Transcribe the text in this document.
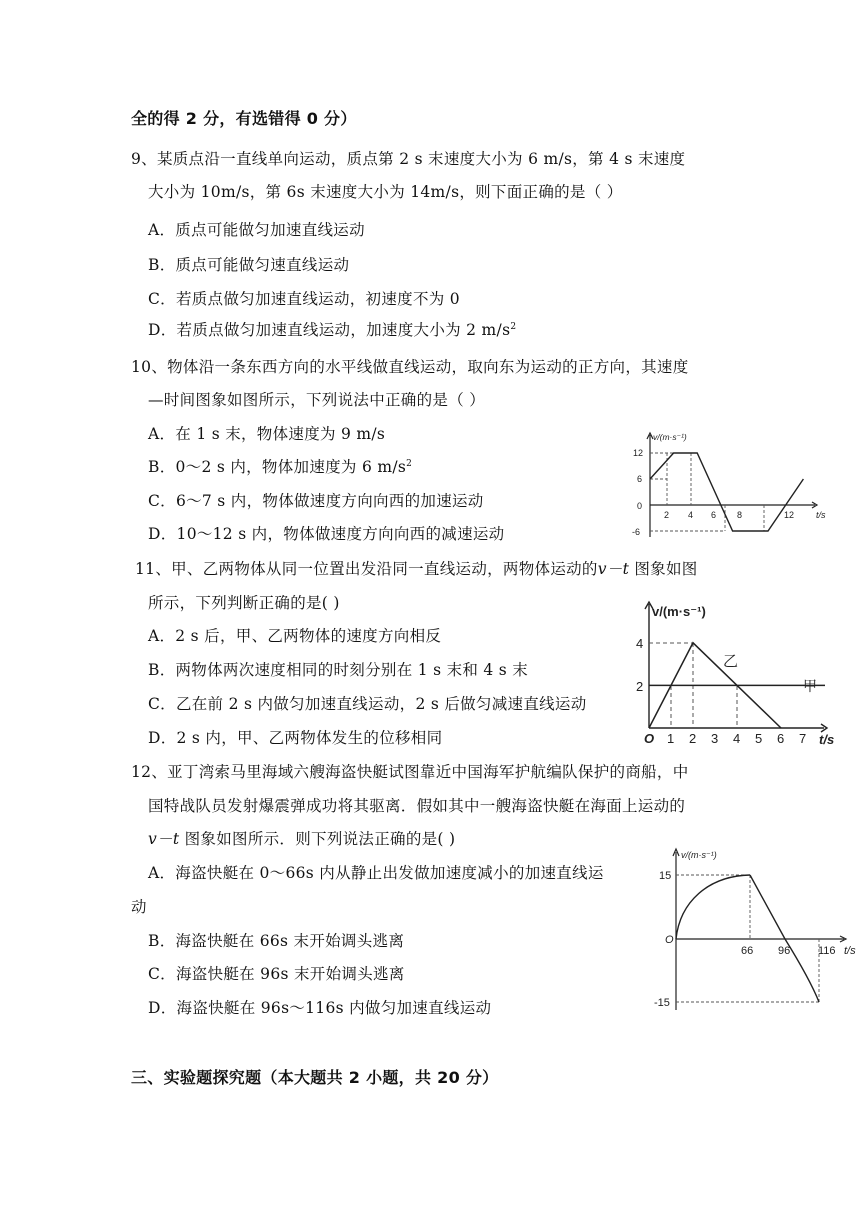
全的得 2 分，有选错得 0 分）
9、某质点沿一直线单向运动，质点第 2 s 末速度大小为 6 m/s，第 4 s 末速度
大小为 10m/s，第 6s 末速度大小为 14m/s，则下面正确的是（ ）
A．质点可能做匀加速直线运动
B．质点可能做匀速直线运动
C．若质点做匀加速直线运动，初速度不为 0
D．若质点做匀加速直线运动，加速度大小为 2 $m/s^2$
10、物体沿一条东西方向的水平线做直线运动，取向东为运动的正方向，其速度
—时间图象如图所示，下列说法中正确的是（ ）
A．在 1 s 末，物体速度为 9 m/s
B．0～2 s 内，物体加速度为 6 $m/s^2$
C．6～7 s 内，物体做速度方向向西的加速运动
D．10～12 s 内，物体做速度方向向西的减速运动
11、甲、乙两物体从同一位置出发沿同一直线运动，两物体运动的v－t 图象如图
所示，下列判断正确的是( )
A．2 s 后，甲、乙两物体的速度方向相反
B．两物体两次速度相同的时刻分别在 1 s 末和 4 s 末
C．乙在前 2 s 内做匀加速直线运动，2 s 后做匀减速直线运动
D．2 s 内，甲、乙两物体发生的位移相同
12、亚丁湾索马里海域六艘海盗快艇试图靠近中国海军护航编队保护的商船，中
国特战队员发射爆震弹成功将其驱离．假如其中一艘海盗快艇在海面上运动的
v－t 图象如图所示．则下列说法正确的是( )
A．海盗快艇在 0～66s 内从静止出发做加速度减小的加速直线运
动
B．海盗快艇在 66s 末开始调头逃离
C．海盗快艇在 96s 末开始调头逃离
D．海盗快艇在 96s～116s 内做匀加速直线运动
三、实验题探究题（本大题共 2 小题，共 20 分）
v/(m·s⁻¹)
t/s
12
6
0
-6
2 4 6 8	12
v/(m·s⁻¹)
t/s
4
2
O 1 2 3 4 5 6 7
乙
甲
v/(m·s⁻¹)
t/s
15
-15
O
66 96	116
